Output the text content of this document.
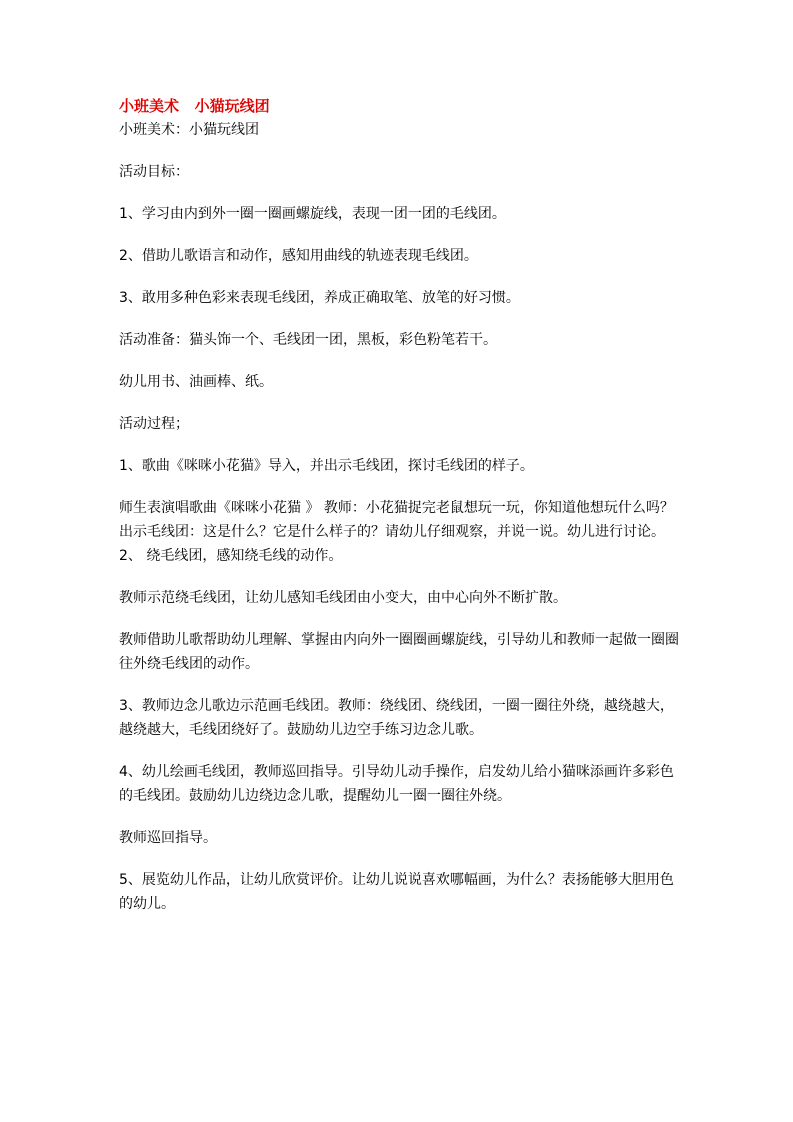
小班美术   小猫玩线团

小班美术：小猫玩线团

活动目标：

1、学习由内到外一圈一圈画螺旋线，表现一团一团的毛线团。

2、借助儿歌语言和动作，感知用曲线的轨迹表现毛线团。

3、敢用多种色彩来表现毛线团，养成正确取笔、放笔的好习惯。

活动准备：猫头饰一个、毛线团一团，黑板，彩色粉笔若干。

幼儿用书、油画棒、纸。

活动过程；

1、歌曲《咪咪小花猫》导入，并出示毛线团，探讨毛线团的样子。

师生表演唱歌曲《咪咪小花猫 》 教师：小花猫捉完老鼠想玩一玩，你知道他想玩什么吗？出示毛线团：这是什么？它是什么样子的？请幼儿仔细观察，并说一说。幼儿进行讨论。2、 绕毛线团，感知绕毛线的动作。

教师示范绕毛线团，让幼儿感知毛线团由小变大，由中心向外不断扩散。

教师借助儿歌帮助幼儿理解、掌握由内向外一圈圈画螺旋线，引导幼儿和教师一起做一圈圈往外绕毛线团的动作。

3、教师边念儿歌边示范画毛线团。教师：绕线团、绕线团，一圈一圈往外绕，越绕越大，越绕越大，毛线团绕好了。鼓励幼儿边空手练习边念儿歌。

4、幼儿绘画毛线团，教师巡回指导。引导幼儿动手操作，启发幼儿给小猫咪添画许多彩色的毛线团。鼓励幼儿边绕边念儿歌，提醒幼儿一圈一圈往外绕。

教师巡回指导。

5、展览幼儿作品，让幼儿欣赏评价。让幼儿说说喜欢哪幅画，为什么？表扬能够大胆用色的幼儿。
